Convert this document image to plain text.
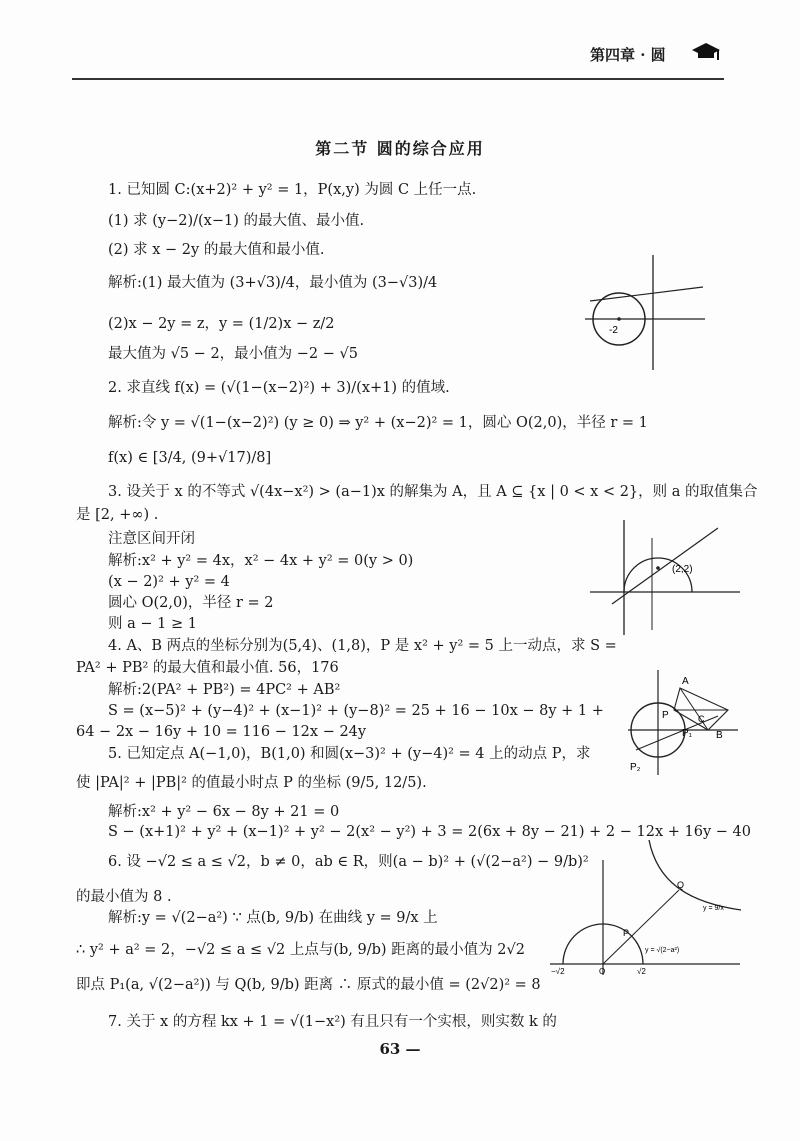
第四章 · 圆
第二节 圆的综合应用
1. 已知圆 C:(x+2)² + y² = 1，P(x,y) 为圆 C 上任一点.
(1) 求 (y−2)/(x−1) 的最大值、最小值.
(2) 求 x − 2y 的最大值和最小值.
解析:(1) 最大值为 (3+√3)/4，最小值为 (3−√3)/4
(2)x − 2y = z，y = (1/2)x − z/2
最大值为 √5 − 2，最小值为 −2 − √5
2. 求直线 f(x) = (√(1−(x−2)²) + 3)/(x+1) 的值域.
解析:令 y = √(1−(x−2)²) (y ≥ 0) ⇒ y² + (x−2)² = 1，圆心 O(2,0)，半径 r = 1
f(x) ∈ [3/4, (9+√17)/8]
3. 设关于 x 的不等式 √(4x−x²) > (a−1)x 的解集为 A，且 A ⊆ {x | 0 < x < 2}，则 a 的取值集合
是 [2, +∞) .
注意区间开闭
解析:x² + y² = 4x，x² − 4x + y² = 0(y > 0)
(x − 2)² + y² = 4
圆心 O(2,0)，半径 r = 2
则 a − 1 ≥ 1
4. A、B 两点的坐标分别为(5,4)、(1,8)，P 是 x² + y² = 5 上一动点，求 S =
PA² + PB² 的最大值和最小值. 56，176
解析:2(PA² + PB²) = 4PC² + AB²
S = (x−5)² + (y−4)² + (x−1)² + (y−8)² = 25 + 16 − 10x − 8y + 1 +
64 − 2x − 16y + 10 = 116 − 12x − 24y
5. 已知定点 A(−1,0)，B(1,0) 和圆(x−3)² + (y−4)² = 4 上的动点 P，求
使 |PA|² + |PB|² 的值最小时点 P 的坐标 (9/5, 12/5).
解析:x² + y² − 6x − 8y + 21 = 0
S − (x+1)² + y² + (x−1)² + y² − 2(x² − y²) + 3 = 2(6x + 8y − 21) + 2 − 12x + 16y − 40
6. 设 −√2 ≤ a ≤ √2，b ≠ 0，ab ∈ R，则(a − b)² + (√(2−a²) − 9/b)²
的最小值为 8 .
解析:y = √(2−a²) ∵ 点(b, 9/b) 在曲线 y = 9/x 上
∴ y² + a² = 2，−√2 ≤ a ≤ √2 上点与(b, 9/b) 距离的最小值为 2√2
即点 P₁(a, √(2−a²)) 与 Q(b, 9/b) 距离 ∴ 原式的最小值 = (2√2)² = 8
7. 关于 x 的方程 kx + 1 = √(1−x²) 有且只有一个实根，则实数 k 的
-2
(2,2)
A
P	C
P₁ B
P₂
Q
P
y = 9/x
y = √(2−a²)
−√2	O	√2
63 —
